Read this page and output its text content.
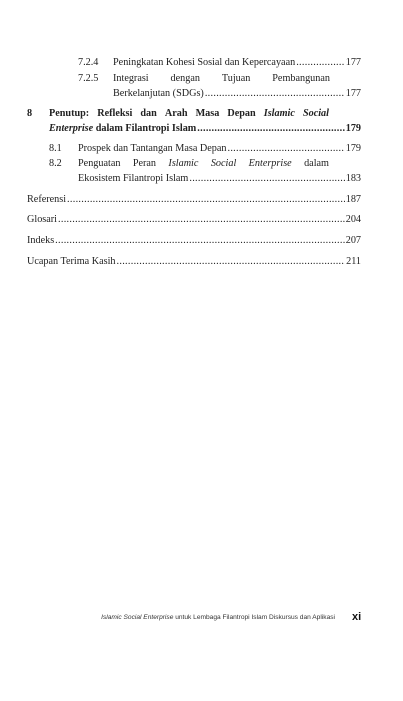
7.2.4 Peningkatan Kohesi Sosial dan Kepercayaan .....	177
7.2.5 Integrasi dengan Tujuan Pembangunan
Berkelanjutan (SDGs) .....	177
8 Penutup: Refleksi dan Arah Masa Depan Islamic Social
Enterprise
dalam Filantropi Islam .....	179
8.1 Prospek dan Tantangan Masa Depan .....	179
8.2 Penguatan Peran Islamic Social Enterprise dalam
Ekosistem Filantropi Islam .....	183
Referensi .....	187
Glosari .....	204
Indeks .....	207
Ucapan Terima Kasih .....	211
Islamic Social Enterprise untuk Lembaga Filantropi Islam Diskursus dan Aplikasi xi
